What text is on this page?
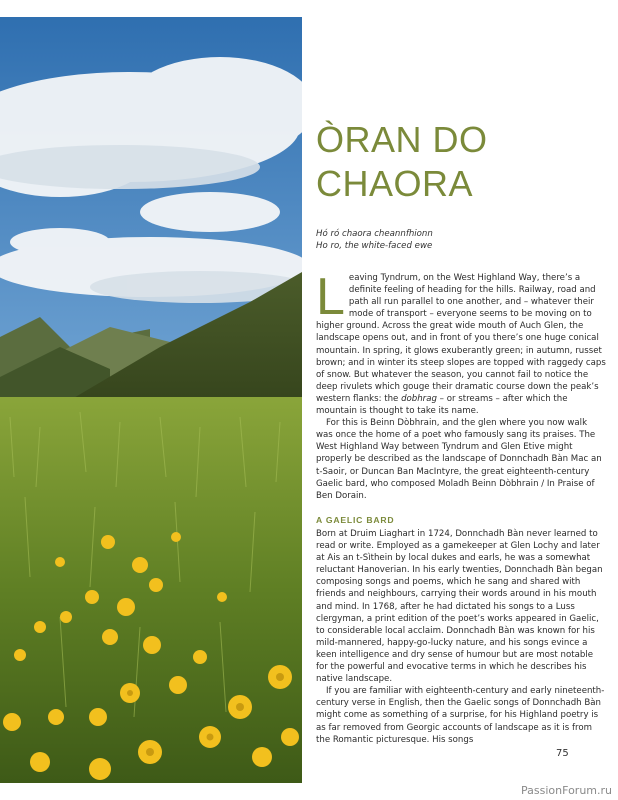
ÒRAN DO
CHAORA
Hó ró chaora cheannfhionn
Ho ro, the white-faced ewe

Leaving Tyndrum, on the West Highland Way, there’s a definite feeling of heading for the hills. Railway, road and path all run parallel to one another, and – whatever their mode of transport – everyone seems to be moving on to higher ground. Across the great wide mouth of Auch Glen, the landscape opens out, and in front of you there’s one huge conical mountain. In spring, it glows exuberantly green; in autumn, russet brown; and in winter its steep slopes are topped with raggedy caps of snow. But whatever the season, you cannot fail to notice the deep rivulets which gouge their dramatic course down the peak’s western flanks: the dobhrag – or streams – after which the mountain is thought to take its name.

For this is Beinn Dòbhrain, and the glen where you now walk was once the home of a poet who famously sang its praises. The West Highland Way between Tyndrum and Glen Etive might properly be described as the landscape of Donnchadh Bàn Mac an t-Saoir, or Duncan Ban MacIntyre, the great eighteenth-century Gaelic bard, who composed Moladh Beinn Dòbhrain / In Praise of Ben Dorain.

A GAELIC BARD

Born at Druim Liaghart in 1724, Donnchadh Bàn never learned to read or write. Employed as a gamekeeper at Glen Lochy and later at Ais an t-Sìthein by local dukes and earls, he was a somewhat reluctant Hanoverian. In his early twenties, Donnchadh Bàn began composing songs and poems, which he sang and shared with friends and neighbours, carrying their words around in his mouth and mind. In 1768, after he had dictated his songs to a Luss clergyman, a print edition of the poet’s works appeared in Gaelic, to considerable local acclaim. Donnchadh Bàn was known for his mild-mannered, happy-go-lucky nature, and his songs evince a keen intelligence and dry sense of humour but are most notable for the powerful and evocative terms in which he describes his native landscape.

If you are familiar with eighteenth-century and early nineteenth-century verse in English, then the Gaelic songs of Donnchadh Bàn might come as something of a surprise, for his Highland poetry is as far removed from Georgic accounts of landscape as it is from the Romantic picturesque. His songs

75
PassionForum.ru
